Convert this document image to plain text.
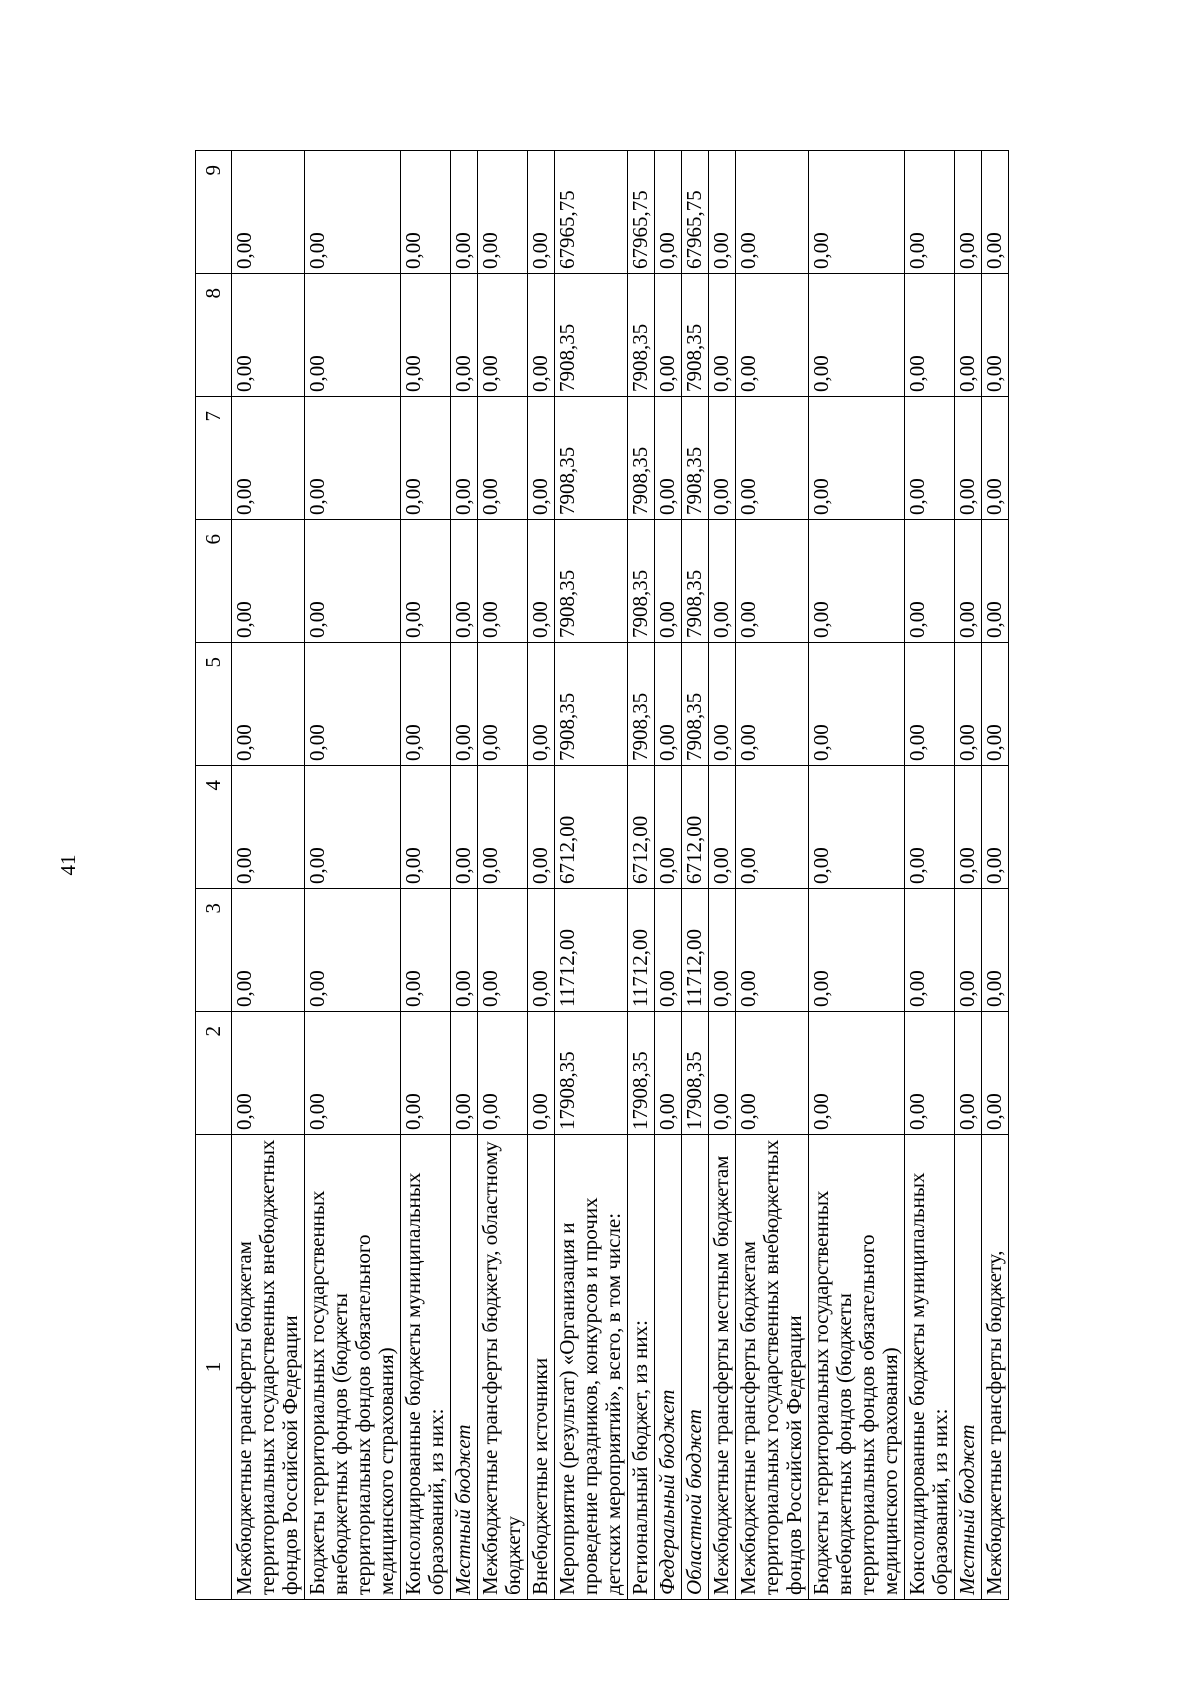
41
1	2	3	4	5	6	7	8	9
Межбюджетные трансферты бюджетам территориальных государственных внебюджетных фондов Российской Федерации	0,00	0,00	0,00	0,00	0,00	0,00	0,00	0,00
Бюджеты территориальных государственных внебюджетных фондов (бюджеты территориальных фондов обязательного медицинского страхования)	0,00	0,00	0,00	0,00	0,00	0,00	0,00	0,00
Консолидированные бюджеты муниципальных образований, из них:	0,00	0,00	0,00	0,00	0,00	0,00	0,00	0,00
Местный бюджет	0,00	0,00	0,00	0,00	0,00	0,00	0,00	0,00
Межбюджетные трансферты бюджету, областному бюджету	0,00	0,00	0,00	0,00	0,00	0,00	0,00	0,00
Внебюджетные источники	0,00	0,00	0,00	0,00	0,00	0,00	0,00	0,00
Мероприятие (результат) «Организация и проведение праздников, конкурсов и прочих детских мероприятий», всего, в том числе:	17908,35	11712,00	6712,00	7908,35	7908,35	7908,35	7908,35	67965,75
Региональный бюджет, из них:	17908,35	11712,00	6712,00	7908,35	7908,35	7908,35	7908,35	67965,75
Федеральный бюджет	0,00	0,00	0,00	0,00	0,00	0,00	0,00	0,00
Областной бюджет	17908,35	11712,00	6712,00	7908,35	7908,35	7908,35	7908,35	67965,75
Межбюджетные трансферты местным бюджетам	0,00	0,00	0,00	0,00	0,00	0,00	0,00	0,00
Межбюджетные трансферты бюджетам территориальных государственных внебюджетных фондов Российской Федерации	0,00	0,00	0,00	0,00	0,00	0,00	0,00	0,00
Бюджеты территориальных государственных внебюджетных фондов (бюджеты территориальных фондов обязательного медицинского страхования)	0,00	0,00	0,00	0,00	0,00	0,00	0,00	0,00
Консолидированные бюджеты муниципальных образований, из них:	0,00	0,00	0,00	0,00	0,00	0,00	0,00	0,00
Местный бюджет	0,00	0,00	0,00	0,00	0,00	0,00	0,00	0,00
Межбюджетные трансферты бюджету,	0,00	0,00	0,00	0,00	0,00	0,00	0,00	0,00
